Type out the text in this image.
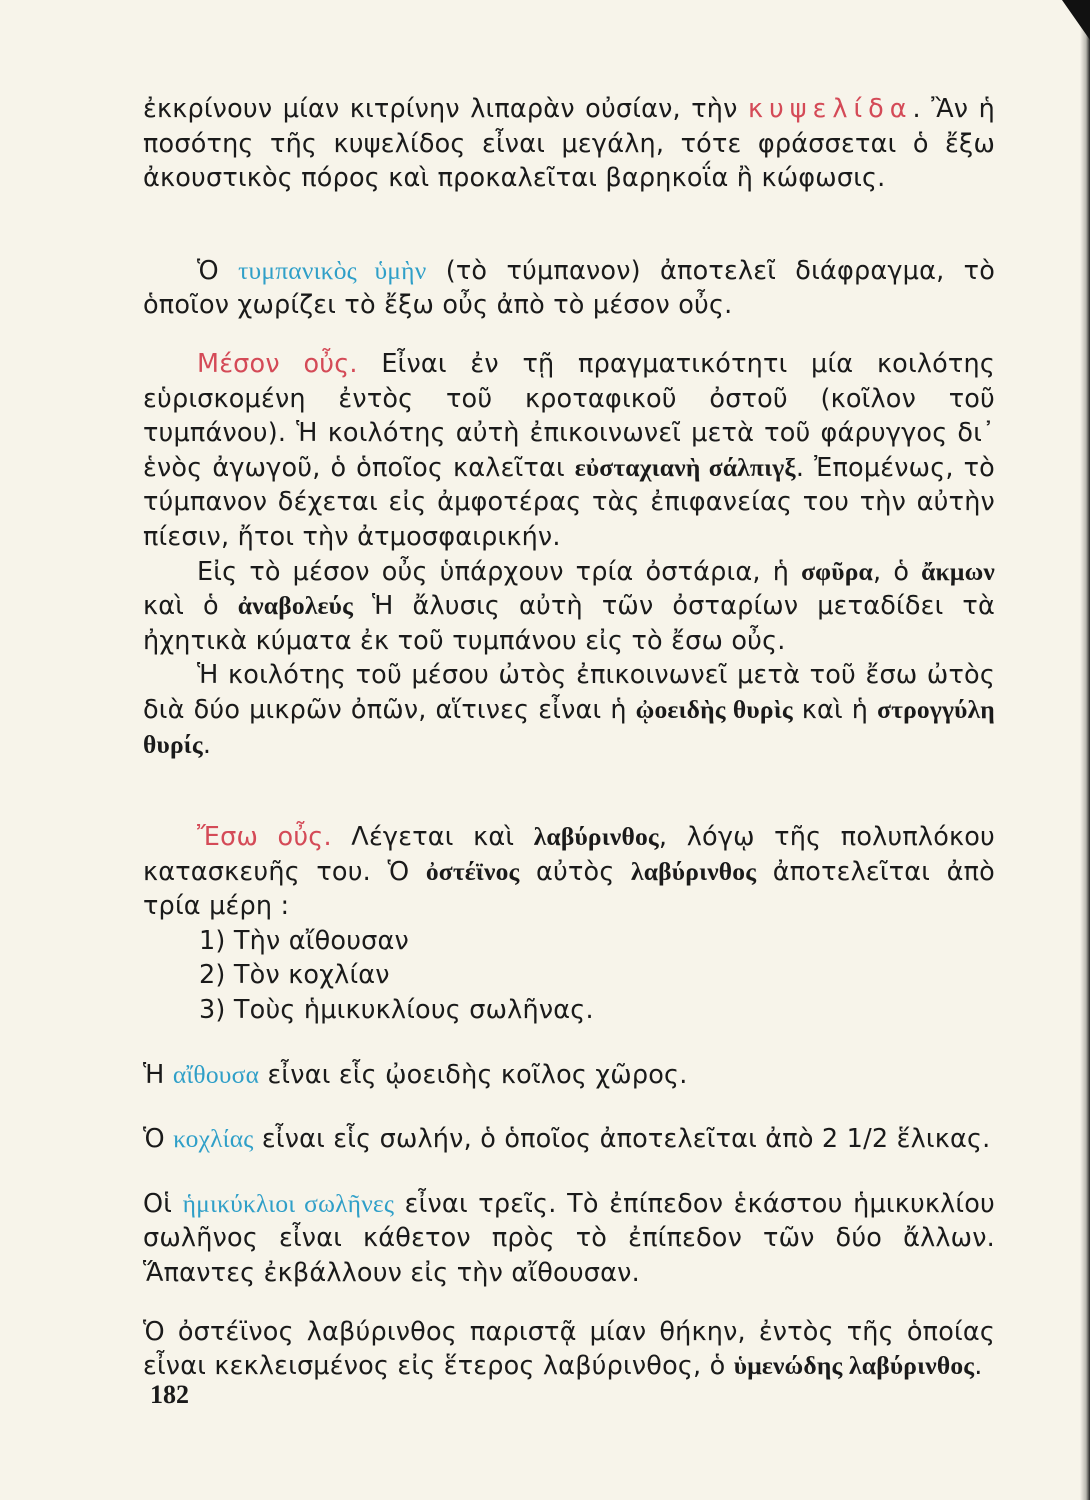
ἐκκρίνουν μίαν κιτρίνην λιπαρὰν οὐσίαν, τὴν κυψελίδα. Ἂν ἡ ποσότης τῆς κυψελίδος εἶναι μεγάλη, τότε φράσσεται ὁ ἔξω ἀκουστικὸς πόρος καὶ προκαλεῖται βαρηκοΐα ἢ κώφωσις.

Ὁ τυμπανικὸς ὑμὴν (τὸ τύμπανον) ἀποτελεῖ διάφραγμα, τὸ ὁποῖον χωρίζει τὸ ἔξω οὖς ἀπὸ τὸ μέσον οὖς.

Μέσον οὖς. Εἶναι ἐν τῇ πραγματικότητι μία κοιλότης εὑρισκομένη ἐντὸς τοῦ κροταφικοῦ ὀστοῦ (κοῖλον τοῦ τυμπάνου). Ἡ κοιλότης αὐτὴ ἐπικοινωνεῖ μετὰ τοῦ φάρυγγος δι᾽ ἑνὸς ἀγωγοῦ, ὁ ὁποῖος καλεῖται εὐσταχιανὴ σάλπιγξ. Ἐπομένως, τὸ τύμπανον δέχεται εἰς ἀμφοτέρας τὰς ἐπιφανείας του τὴν αὐτὴν πίεσιν, ἤτοι τὴν ἀτμοσφαιρικήν.

Εἰς τὸ μέσον οὖς ὑπάρχουν τρία ὀστάρια, ἡ σφῦρα, ὁ ἄκμων καὶ ὁ ἀναβολεύς Ἡ ἄλυσις αὐτὴ τῶν ὀσταρίων μεταδίδει τὰ ἠχητικὰ κύματα ἐκ τοῦ τυμπάνου εἰς τὸ ἔσω οὖς.

Ἡ κοιλότης τοῦ μέσου ὠτὸς ἐπικοινωνεῖ μετὰ τοῦ ἔσω ὠτὸς διὰ δύο μικρῶν ὀπῶν, αἵτινες εἶναι ἡ ᾠοειδὴς θυρὶς καὶ ἡ στρογγύλη θυρίς.

Ἔσω οὖς. Λέγεται καὶ λαβύρινθος, λόγῳ τῆς πολυπλόκου κατασκευῆς του. Ὁ ὀστέϊνος αὐτὸς λαβύρινθος ἀποτελεῖται ἀπὸ τρία μέρη :

1) Τὴν αἴθουσαν
2) Τὸν κοχλίαν
3) Τοὺς ἡμικυκλίους σωλῆνας.

Ἡ αἴθουσα εἶναι εἷς ᾠοειδὴς κοῖλος χῶρος.

Ὁ κοχλίας εἶναι εἷς σωλήν, ὁ ὁποῖος ἀποτελεῖται ἀπὸ 2 1/2 ἕλικας.

Οἱ ἡμικύκλιοι σωλῆνες εἶναι τρεῖς. Τὸ ἐπίπεδον ἑκάστου ἡμικυκλίου σωλῆνος εἶναι κάθετον πρὸς τὸ ἐπίπεδον τῶν δύο ἄλλων. Ἅπαντες ἐκβάλλουν εἰς τὴν αἴθουσαν.

Ὁ ὀστέϊνος λαβύρινθος παριστᾷ μίαν θήκην, ἐντὸς τῆς ὁποίας εἶναι κεκλεισμένος εἰς ἕτερος λαβύρινθος, ὁ ὑμενώδης λαβύρινθος.

182
